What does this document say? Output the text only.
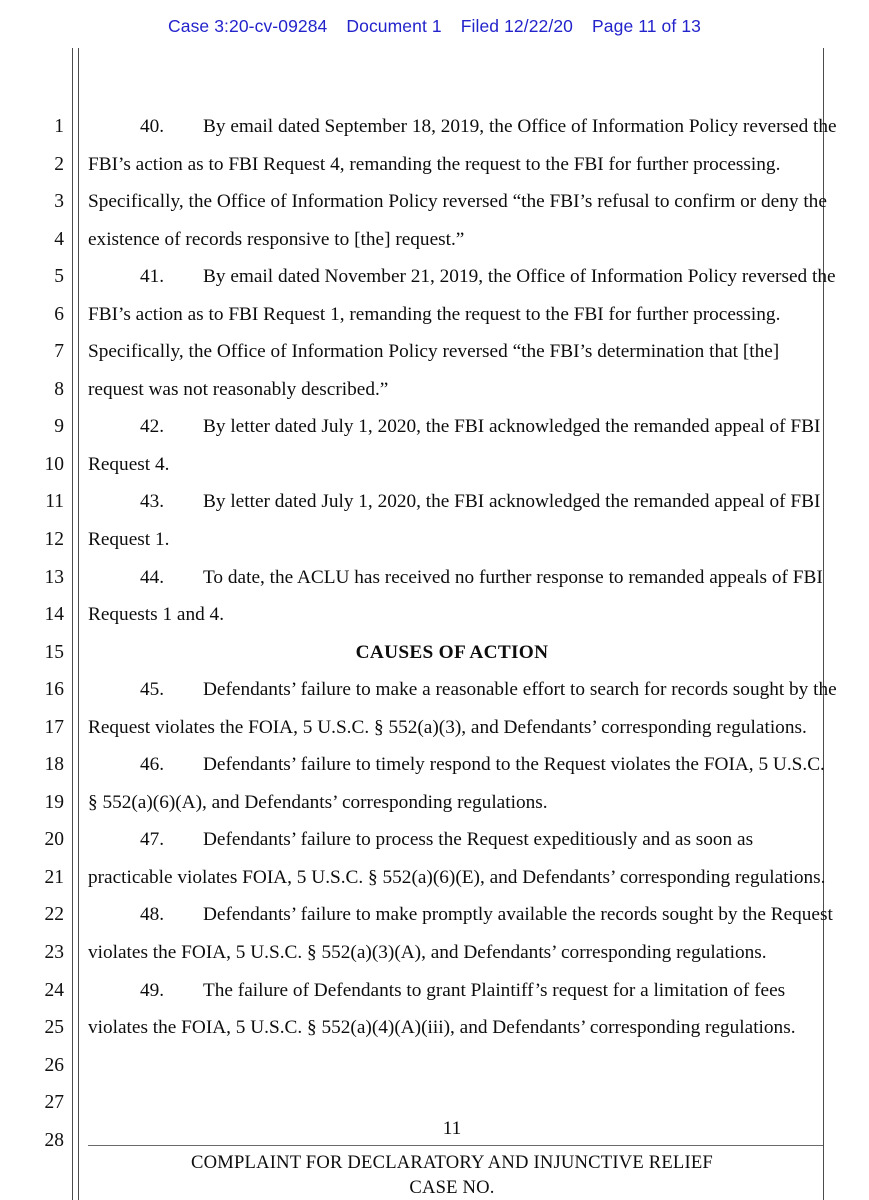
Case 3:20-cv-09284 Document 1 Filed 12/22/20 Page 11 of 13
1
2
3
4
5
6
7
8
9
10
11
12
13
14
15
16
17
18
19
20
21
22
23
24
25
26
27
28
40. By email dated September 18, 2019, the Office of Information Policy reversed the
FBI’s action as to FBI Request 4, remanding the request to the FBI for further processing.
Specifically, the Office of Information Policy reversed “the FBI’s refusal to confirm or deny the
existence of records responsive to [the] request.”
41. By email dated November 21, 2019, the Office of Information Policy reversed the
FBI’s action as to FBI Request 1, remanding the request to the FBI for further processing.
Specifically, the Office of Information Policy reversed “the FBI’s determination that [the]
request was not reasonably described.”
42. By letter dated July 1, 2020, the FBI acknowledged the remanded appeal of FBI
Request 4.
43. By letter dated July 1, 2020, the FBI acknowledged the remanded appeal of FBI
Request 1.
44. To date, the ACLU has received no further response to remanded appeals of FBI
Requests 1 and 4.
CAUSES OF ACTION
45. Defendants’ failure to make a reasonable effort to search for records sought by the
Request violates the FOIA, 5 U.S.C. § 552(a)(3), and Defendants’ corresponding regulations.
46. Defendants’ failure to timely respond to the Request violates the FOIA, 5 U.S.C.
§ 552(a)(6)(A), and Defendants’ corresponding regulations.
47. Defendants’ failure to process the Request expeditiously and as soon as
practicable violates FOIA, 5 U.S.C. § 552(a)(6)(E), and Defendants’ corresponding regulations.
48. Defendants’ failure to make promptly available the records sought by the Request
violates the FOIA, 5 U.S.C. § 552(a)(3)(A), and Defendants’ corresponding regulations.
49. The failure of Defendants to grant Plaintiff’s request for a limitation of fees
violates the FOIA, 5 U.S.C. § 552(a)(4)(A)(iii), and Defendants’ corresponding regulations.
11
COMPLAINT FOR DECLARATORY AND INJUNCTIVE RELIEF
CASE NO.
